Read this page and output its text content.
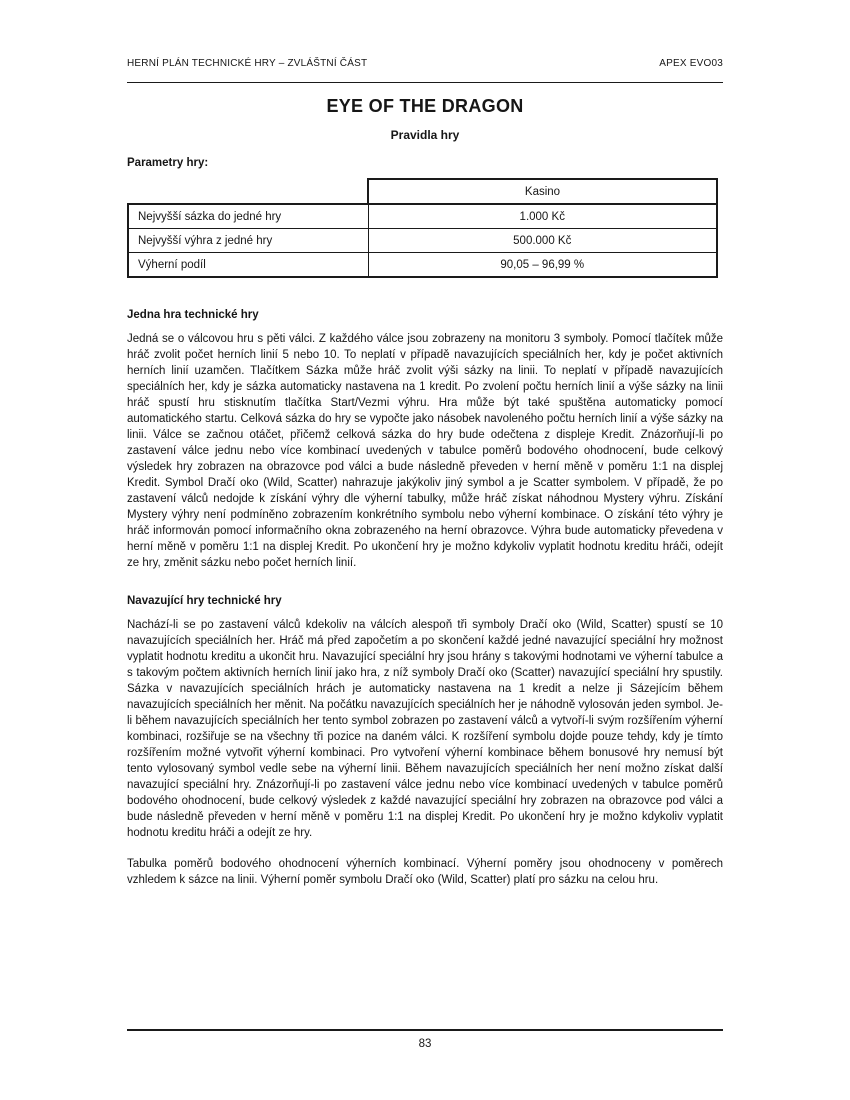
HERNÍ PLÁN TECHNICKÉ HRY – ZVLÁŠTNÍ ČÁST	APEX EVO03
EYE OF THE DRAGON
Pravidla hry
Parametry hry:
	Kasino
Nejvyšší sázka do jedné hry	1.000 Kč
Nejvyšší výhra z jedné hry	500.000 Kč
Výherní podíl	90,05 – 96,99 %
Jedna hra technické hry

Jedná se o válcovou hru s pěti válci. Z každého válce jsou zobrazeny na monitoru 3 symboly. Pomocí tlačítek může hráč zvolit počet herních linií 5 nebo 10. To neplatí v případě navazujících speciálních her, kdy je počet aktivních herních linií uzamčen. Tlačítkem Sázka může hráč zvolit výši sázky na linii. To neplatí v případě navazujících speciálních her, kdy je sázka automaticky nastavena na 1 kredit. Po zvolení počtu herních linií a výše sázky na linii hráč spustí hru stisknutím tlačítka Start/Vezmi výhru. Hra může být také spuštěna automaticky pomocí automatického startu. Celková sázka do hry se vypočte jako násobek navoleného počtu herních linií a výše sázky na linii. Válce se začnou otáčet, přičemž celková sázka do hry bude odečtena z displeje Kredit. Znázorňují-li po zastavení válce jednu nebo více kombinací uvedených v tabulce poměrů bodového ohodnocení, bude celkový výsledek hry zobrazen na obrazovce pod válci a bude následně převeden v herní měně v poměru 1:1 na displej Kredit. Symbol Dračí oko (Wild, Scatter) nahrazuje jakýkoliv jiný symbol a je Scatter symbolem. V případě, že po zastavení válců nedojde k získání výhry dle výherní tabulky, může hráč získat náhodnou Mystery výhru. Získání Mystery výhry není podmíněno zobrazením konkrétního symbolu nebo výherní kombinace. O získání této výhry je hráč informován pomocí informačního okna zobrazeného na herní obrazovce. Výhra bude automaticky převedena v herní měně v poměru 1:1 na displej Kredit. Po ukončení hry je možno kdykoliv vyplatit hodnotu kreditu hráči, odejít ze hry, změnit sázku nebo počet herních linií.

Navazující hry technické hry

Nachází-li se po zastavení válců kdekoliv na válcích alespoň tři symboly Dračí oko (Wild, Scatter) spustí se 10 navazujících speciálních her. Hráč má před započetím a po skončení každé jedné navazující speciální hry možnost vyplatit hodnotu kreditu a ukončit hru. Navazující speciální hry jsou hrány s takovými hodnotami ve výherní tabulce a s takovým počtem aktivních herních linií jako hra, z níž symboly Dračí oko (Scatter) navazující speciální hry spustily. Sázka v navazujících speciálních hrách je automaticky nastavena na 1 kredit a nelze ji Sázejícím během navazujících speciálních her měnit. Na počátku navazujících speciálních her je náhodně vylosován jeden symbol. Je-li během navazujících speciálních her tento symbol zobrazen po zastavení válců a vytvoří-li svým rozšířením výherní kombinaci, rozšiřuje se na všechny tři pozice na daném válci. K rozšíření symbolu dojde pouze tehdy, kdy je tímto rozšířením možné vytvořit výherní kombinaci. Pro vytvoření výherní kombinace během bonusové hry nemusí být tento vylosovaný symbol vedle sebe na výherní linii. Během navazujících speciálních her není možno získat další navazující speciální hry. Znázorňují-li po zastavení válce jednu nebo více kombinací uvedených v tabulce poměrů bodového ohodnocení, bude celkový výsledek z každé navazující speciální hry zobrazen na obrazovce pod válci a bude následně převeden v herní měně v poměru 1:1 na displej Kredit. Po ukončení hry je možno kdykoliv vyplatit hodnotu kreditu hráči a odejít ze hry.

Tabulka poměrů bodového ohodnocení výherních kombinací. Výherní poměry jsou ohodnoceny v poměrech vzhledem k sázce na linii. Výherní poměr symbolu Dračí oko (Wild, Scatter) platí pro sázku na celou hru.

83
